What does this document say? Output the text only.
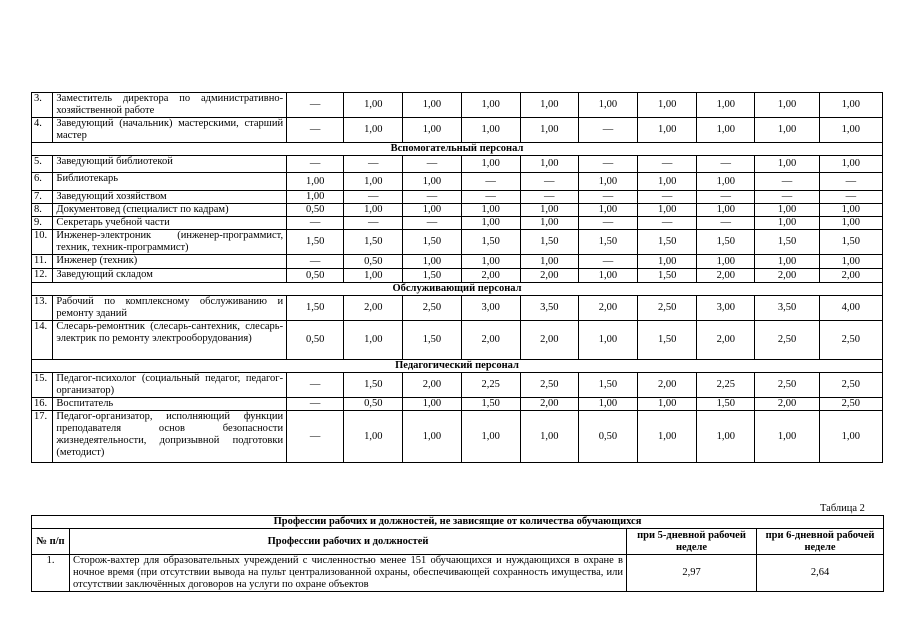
3.	Заместитель директора по административно-хозяйственной работе	—	1,00	1,00	1,00	1,00	1,00	1,00	1,00	1,00	1,00
4.	Заведующий (начальник) мастерскими, старший мастер	—	1,00	1,00	1,00	1,00	—	1,00	1,00	1,00	1,00
Вспомогательный персонал											
5.	Заведующий библиотекой	—	—	—	1,00	1,00	—	—	—	1,00	1,00
6.	Библиотекарь	1,00	1,00	1,00	—	—	1,00	1,00	1,00	—	—
7.	Заведующий хозяйством	1,00	—	—	—	—	—	—	—	—	—
8.	Документовед (специалист по кадрам)	0,50	1,00	1,00	1,00	1,00	1,00	1,00	1,00	1,00	1,00
9.	Секретарь учебной части	—	—	—	1,00	1,00	—	—	—	1,00	1,00
10.	Инженер-электроник (инженер-программист, техник, техник-программист)	1,50	1,50	1,50	1,50	1,50	1,50	1,50	1,50	1,50	1,50
11.	Инженер (техник)	—	0,50	1,00	1,00	1,00	—	1,00	1,00	1,00	1,00
12.	Заведующий складом	0,50	1,00	1,50	2,00	2,00	1,00	1,50	2,00	2,00	2,00
Обслуживающий персонал											
13.	Рабочий по комплексному обслуживанию и ремонту зданий	1,50	2,00	2,50	3,00	3,50	2,00	2,50	3,00	3,50	4,00
14.	Слесарь-ремонтник (слесарь-сантехник, слесарь-электрик по ремонту электрооборудования)	0,50	1,00	1,50	2,00	2,00	1,00	1,50	2,00	2,50	2,50
Педагогический персонал											
15.	Педагог-психолог (социальный педагог, педагог-организатор)	—	1,50	2,00	2,25	2,50	1,50	2,00	2,25	2,50	2,50
16.	Воспитатель	—	0,50	1,00	1,50	2,00	1,00	1,00	1,50	2,00	2,50
17.	Педагог-организатор, исполняющий функции преподавателя основ безопасности жизнедеятельности, допризывной подготовки (методист)	—	1,00	1,00	1,00	1,00	0,50	1,00	1,00	1,00	1,00
Таблица 2
Профессии рабочих и должностей, не зависящие от количества обучающихся			
№ п/п	Профессии рабочих и должностей	при 5-дневной рабочей неделе	при 6-дневной рабочей неделе
1.	Сторож-вахтер для образовательных учреждений с численностью менее 151 обучающихся и нуждающихся в охране в ночное время (при отсутствии вывода на пульт централизованной охраны, обеспечивающей сохранность имущества, или отсутствии заключённых договоров на услуги по охране объектов	2,97	2,64
